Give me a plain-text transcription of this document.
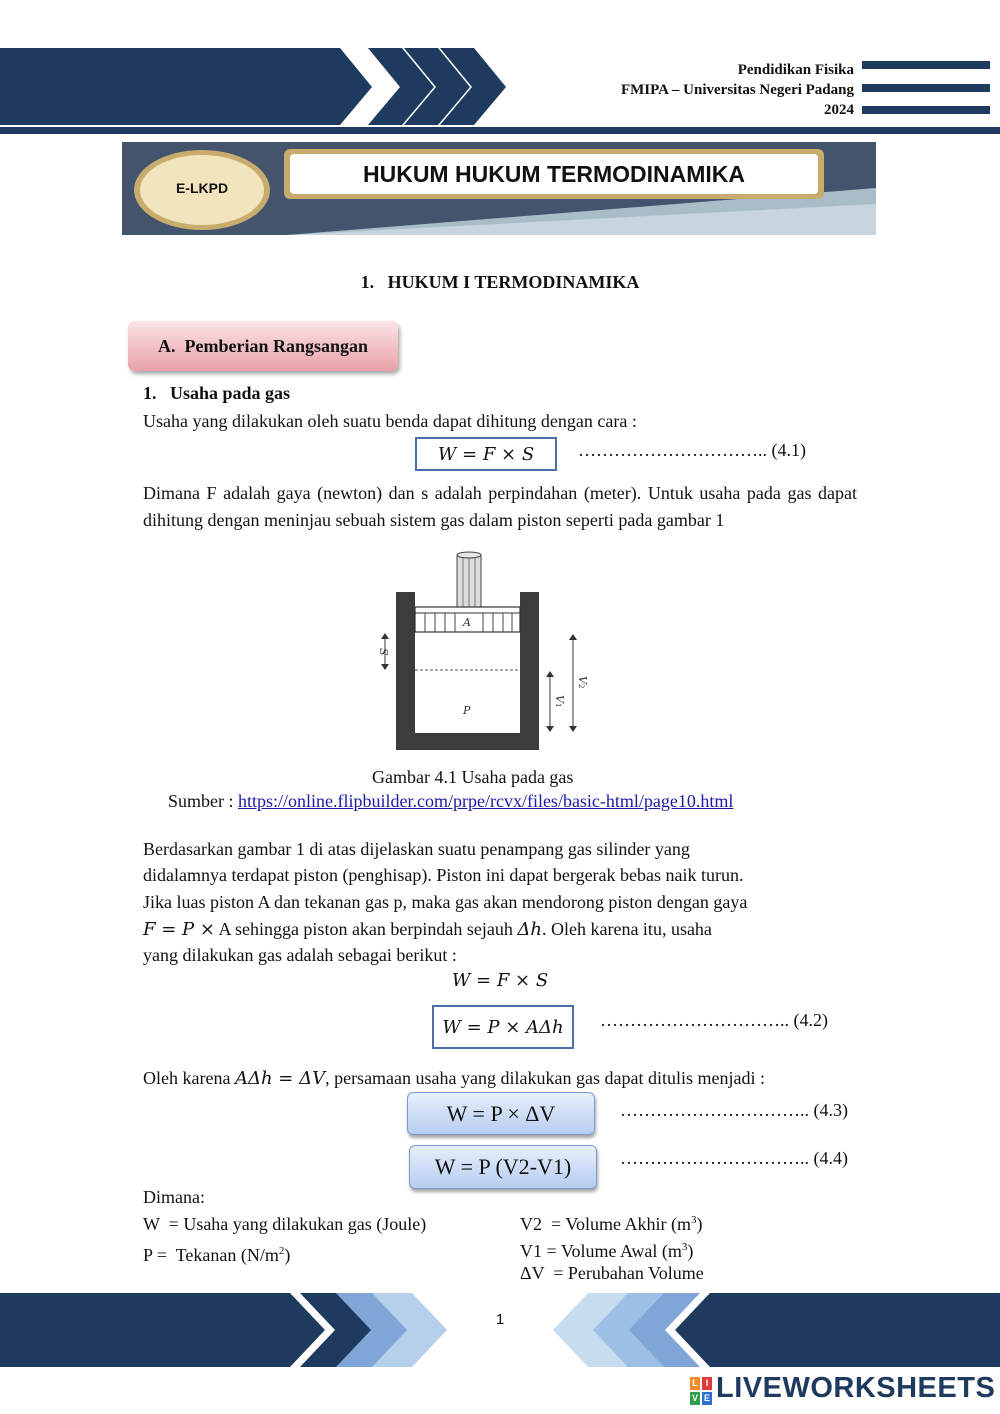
Pendidikan Fisika
FMIPA – Universitas Negeri Padang
2024
E-LKPD
HUKUM HUKUM TERMODINAMIKA
1.   HUKUM I TERMODINAMIKA
A.  Pemberian Rangsangan
1.   Usaha pada gas
Usaha yang dilakukan oleh suatu benda dapat dihitung dengan cara :
W = F × S	………………………….. (4.1)
Dimana F adalah gaya (newton) dan s adalah perpindahan (meter). Untuk usaha pada gas dapat dihitung dengan meninjau sebuah sistem gas dalam piston seperti pada gambar 1
A
P
S
V
1
V
2
Gambar 4.1 Usaha pada gas
Sumber : https://online.flipbuilder.com/prpe/rcvx/files/basic-html/page10.html
Berdasarkan gambar 1 di atas dijelaskan suatu penampang gas silinder yang
didalamnya terdapat piston (penghisap). Piston ini dapat bergerak bebas naik turun.
Jika luas piston A dan tekanan gas p, maka gas akan mendorong piston dengan gaya
F = P × A sehingga piston akan berpindah sejauh Δh. Oleh karena itu, usaha
yang dilakukan gas adalah sebagai berikut :
W = F × S
W = P × AΔh	………………………….. (4.2)
Oleh karena AΔh = ΔV, persamaan usaha yang dilakukan gas dapat ditulis menjadi :
W = P × ΔV	………………………….. (4.3)
W = P (V2-V1)	………………………….. (4.4)
Dimana:
W  = Usaha yang dilakukan gas (Joule)
P =  Tekanan $(N/m^2)$
V2  = Volume Akhir $(m^3)$
V1 = Volume Awal $(m^3)$
ΔV  = Perubahan Volume
1
L I
V E LIVEWORKSHEETS
